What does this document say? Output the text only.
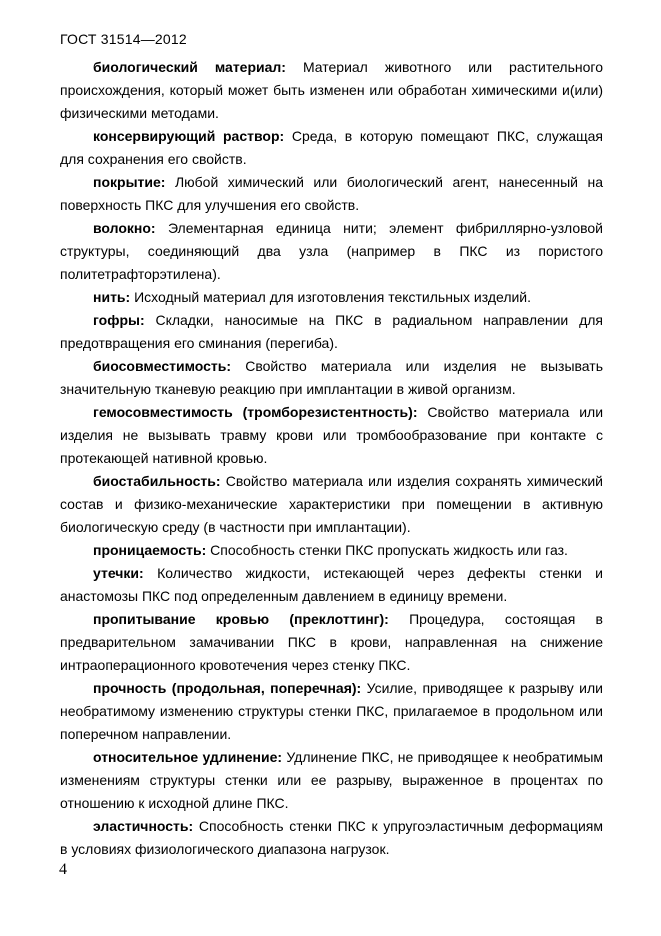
ГОСТ 31514—2012

биологический материал: Материал животного или растительного происхождения, который может быть изменен или обработан химическими и(или) физическими методами.

консервирующий раствор: Среда, в которую помещают ПКС, служащая для сохранения его свойств.

покрытие: Любой химический или биологический агент, нанесенный на поверхность ПКС для улучшения его свойств.

волокно: Элементарная единица нити; элемент фибриллярно-узловой структуры, соединяющий два узла (например в ПКС из пористого политетрафторэтилена).

нить: Исходный материал для изготовления текстильных изделий.

гофры: Складки, наносимые на ПКС в радиальном направлении для предотвращения его сминания (перегиба).

биосовместимость: Свойство материала или изделия не вызывать значительную тканевую реакцию при имплантации в живой организм.

гемосовместимость (тромборезистентность): Свойство материала или изделия не вызывать травму крови или тромбообразование при контакте с протекающей нативной кровью.

биостабильность: Свойство материала или изделия сохранять химический состав и физико-механические характеристики при помещении в активную биологическую среду (в частности при имплантации).

проницаемость: Способность стенки ПКС пропускать жидкость или газ.

утечки: Количество жидкости, истекающей через дефекты стенки и анастомозы ПКС под определенным давлением в единицу времени.

пропитывание кровью (преклоттинг): Процедура, состоящая в предварительном замачивании ПКС в крови, направленная на снижение интраоперационного кровотечения через стенку ПКС.

прочность (продольная, поперечная): Усилие, приводящее к разрыву или необратимому изменению структуры стенки ПКС, прилагаемое в продольном или поперечном направлении.

относительное удлинение: Удлинение ПКС, не приводящее к необратимым изменениям структуры стенки или ее разрыву, выраженное в процентах по отношению к исходной длине ПКС.

эластичность: Способность стенки ПКС к упругоэластичным деформациям в условиях физиологического диапазона нагрузок.

4
